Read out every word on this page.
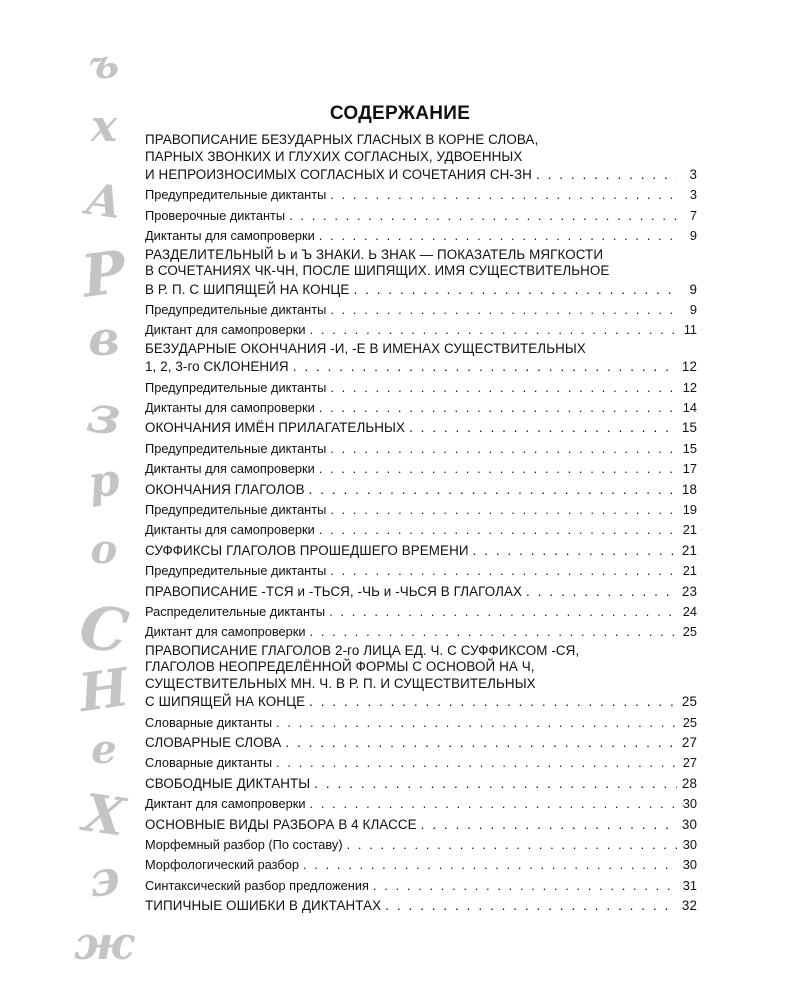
ъ
х
А
Р
в
з
р
о
С
Н
е
Х
э
ж
СОДЕРЖАНИЕ
ПРАВОПИСАНИЕ БЕЗУДАРНЫХ ГЛАСНЫХ В КОРНЕ СЛОВА,
ПАРНЫХ ЗВОНКИХ И ГЛУХИХ СОГЛАСНЫХ, УДВОЕННЫХ
И НЕПРОИЗНОСИМЫХ СОГЛАСНЫХ И СОЧЕТАНИЯ СН-ЗН . . .	3
Предупредительные диктанты . . .	3
Проверочные диктанты . . .	7
Диктанты для самопроверки . . .	9
РАЗДЕЛИТЕЛЬНЫЙ Ь и Ъ ЗНАКИ. Ь ЗНАК — ПОКАЗАТЕЛЬ МЯГКОСТИ
В СОЧЕТАНИЯХ ЧК-ЧН, ПОСЛЕ ШИПЯЩИХ. ИМЯ СУЩЕСТВИТЕЛЬНОЕ
В Р. П. С ШИПЯЩЕЙ НА КОНЦЕ . . .	9
Предупредительные диктанты . . .	9
Диктант для самопроверки . . .	11
БЕЗУДАРНЫЕ ОКОНЧАНИЯ -И, -Е В ИМЕНАХ СУЩЕСТВИТЕЛЬНЫХ
1, 2, 3-го СКЛОНЕНИЯ . . .	12
Предупредительные диктанты . . .	12
Диктанты для самопроверки . . .	14
ОКОНЧАНИЯ ИМЁН ПРИЛАГАТЕЛЬНЫХ . . .	15
Предупредительные диктанты . . .	15
Диктанты для самопроверки . . .	17
ОКОНЧАНИЯ ГЛАГОЛОВ . . .	18
Предупредительные диктанты . . .	19
Диктанты для самопроверки . . .	21
СУФФИКСЫ ГЛАГОЛОВ ПРОШЕДШЕГО ВРЕМЕНИ . . .	21
Предупредительные диктанты . . .	21
ПРАВОПИСАНИЕ -ТСЯ и -ТЬСЯ, -ЧЬ и -ЧЬСЯ В ГЛАГОЛАХ . . .	23
Распределительные диктанты . . .	24
Диктант для самопроверки . . .	25
ПРАВОПИСАНИЕ ГЛАГОЛОВ 2-го ЛИЦА ЕД. Ч. С СУФФИКСОМ -СЯ,
ГЛАГОЛОВ НЕОПРЕДЕЛЁННОЙ ФОРМЫ С ОСНОВОЙ НА Ч,
СУЩЕСТВИТЕЛЬНЫХ МН. Ч. В Р. П. И СУЩЕСТВИТЕЛЬНЫХ
С ШИПЯЩЕЙ НА КОНЦЕ . . .	25
Словарные диктанты . . .	25
СЛОВАРНЫЕ СЛОВА . . .	27
Словарные диктанты . . .	27
СВОБОДНЫЕ ДИКТАНТЫ . . .	28
Диктант для самопроверки . . .	30
ОСНОВНЫЕ ВИДЫ РАЗБОРА В 4 КЛАССЕ . . .	30
Морфемный разбор (По составу) . . .	30
Морфологический разбор . . .	30
Синтаксический разбор предложения . . .	31
ТИПИЧНЫЕ ОШИБКИ В ДИКТАНТАХ . . .	32
